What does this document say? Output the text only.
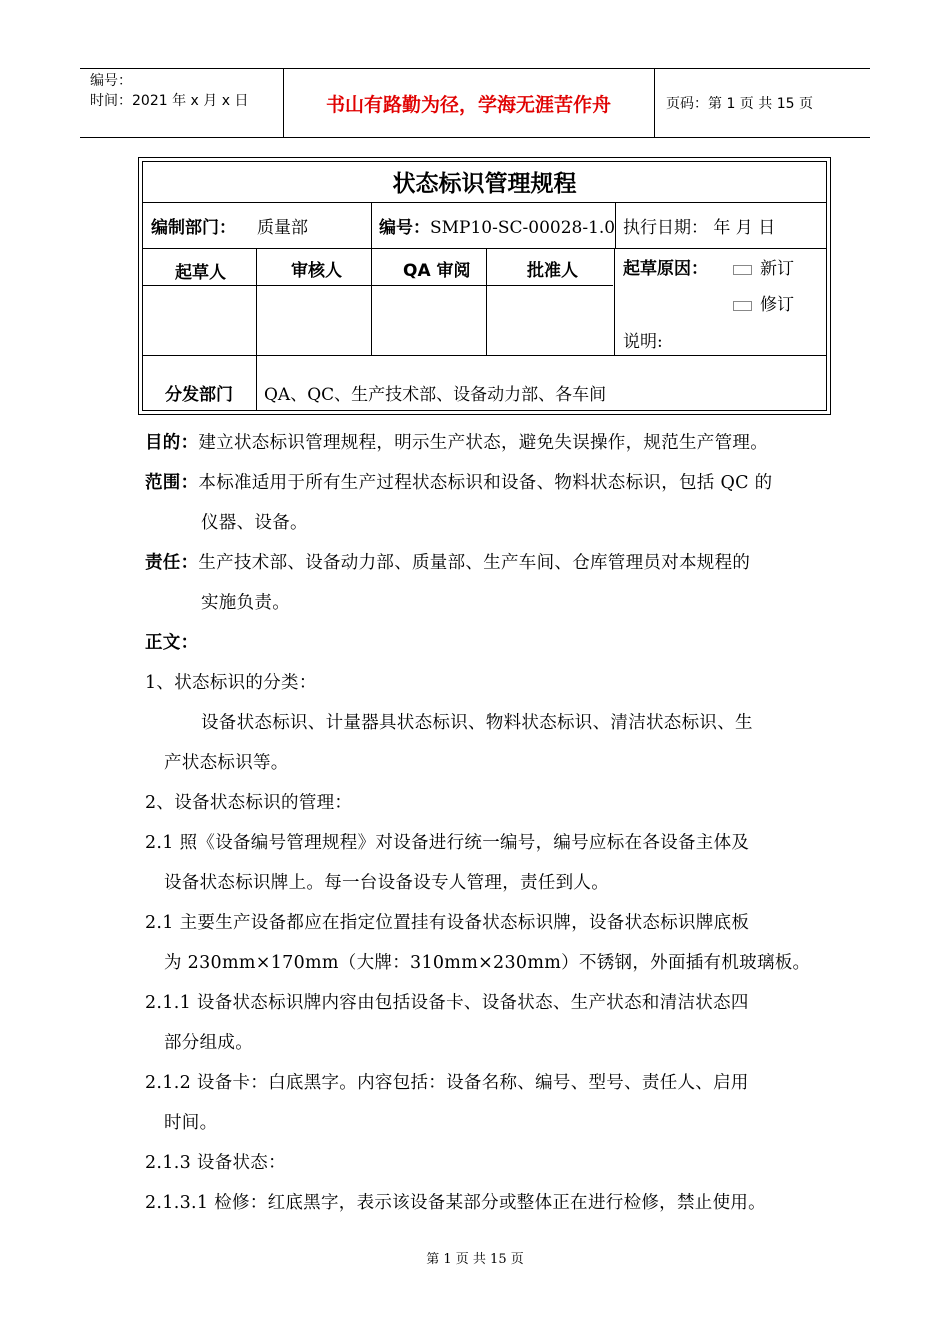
编号：
时间：2021 年 x 月 x 日	书山有路勤为径，学海无涯苦作舟	页码：第 1 页 共 15 页
状态标识管理规程
编制部门： 质量部	编号：SMP10-SC-00028-1.0 执行日期： 年 月 日
起草人	审核人	QA 审阅	批准人	起草原因：	新订
修订
说明:
分发部门 QA、QC、生产技术部、设备动力部、各车间
目的：建立状态标识管理规程，明示生产状态，避免失误操作，规范生产管理。
范围：本标准适用于所有生产过程状态标识和设备、物料状态标识，包括 QC 的
仪器、设备。
责任：生产技术部、设备动力部、质量部、生产车间、仓库管理员对本规程的
实施负责。
正文：
1、状态标识的分类：
设备状态标识、计量器具状态标识、物料状态标识、清洁状态标识、生
产状态标识等。
2、设备状态标识的管理：
2.1 照《设备编号管理规程》对设备进行统一编号，编号应标在各设备主体及
设备状态标识牌上。每一台设备设专人管理，责任到人。
2.1 主要生产设备都应在指定位置挂有设备状态标识牌，设备状态标识牌底板
为 230mm×170mm（大牌：310mm×230mm）不锈钢，外面插有机玻璃板。
2.1.1 设备状态标识牌内容由包括设备卡、设备状态、生产状态和清洁状态四
部分组成。
2.1.2 设备卡：白底黑字。内容包括：设备名称、编号、型号、责任人、启用
时间。
2.1.3 设备状态：
2.1.3.1 检修：红底黑字，表示该设备某部分或整体正在进行检修，禁止使用。
第 1 页 共 15 页
